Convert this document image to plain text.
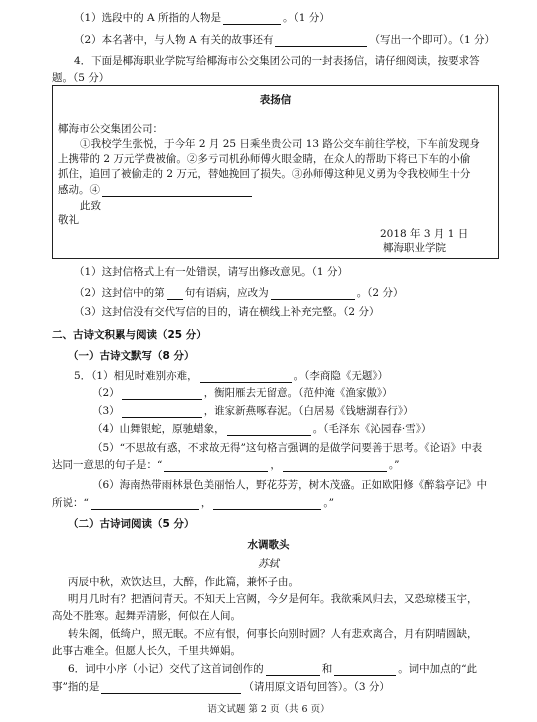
（1）选段中的 A 所指的人物是	。（1 分）
（2）本名著中，与人物 A 有关的故事还有	（写出一个即可）。（1 分）
4．下面是椰海职业学院写给椰海市公交集团公司的一封表扬信，请仔细阅读，按要求答
题。（5 分）
表扬信
椰海市公交集团公司：
①我校学生张悦，于今年 2 月 25 日乘坐贵公司 13 路公交车前往学校，下车前发现身
上携带的 2 万元学费被偷。②多亏司机孙师傅火眼金睛，在众人的帮助下将已下车的小偷
抓住，追回了被偷走的 2 万元，替她挽回了损失。③孙师傅这种见义勇为令我校师生十分
感动。④
此致
敬礼
2018 年 3 月 1 日
椰海职业学院
（1）这封信格式上有一处错误，请写出修改意见。（1 分）
（2）这封信中的第 句有语病，应改为	。（2 分）
（3）这封信没有交代写信的目的，请在横线上补充完整。（2 分）
二、古诗文积累与阅读（25 分）
（一）古诗文默写（8 分）
5．（1）相见时难别亦难，	。（李商隐《无题》）
（2）	，衡阳雁去无留意。（范仲淹《渔家傲》）
（3）	，谁家新燕啄春泥。（白居易《钱塘湖春行》）
（4）山舞银蛇，原驰蜡象，	。（毛泽东《沁园春·雪》）
（5）“不思故有惑，不求故无得”这句格言强调的是做学问要善于思考。《论语》中表
达同一意思的句子是：“	，	。”
（6）海南热带雨林景色美丽怡人，野花芬芳，树木茂盛。正如欧阳修《醉翁亭记》中
所说：“	，	。”
（二）古诗词阅读（5 分）
水调歌头
苏轼
丙辰中秋，欢饮达旦，大醉，作此篇，兼怀子由。
明月几时有？把酒问青天。不知天上宫阙，今夕是何年。我欲乘风归去，又恐琼楼玉宇，
高处不胜寒。起舞弄清影，何似在人间。
转朱阁，低绮户，照无眠。不应有恨，何事长向别时圆？人有悲欢离合，月有阴晴圆缺，
此事古难全。但愿人长久，千里共婵娟。
6．词中小序（小记）交代了这首词创作的	和	。词中加点的“此
事”指的是	（请用原文语句回答）。（3 分）
语文试题 第 2 页（共 6 页）
